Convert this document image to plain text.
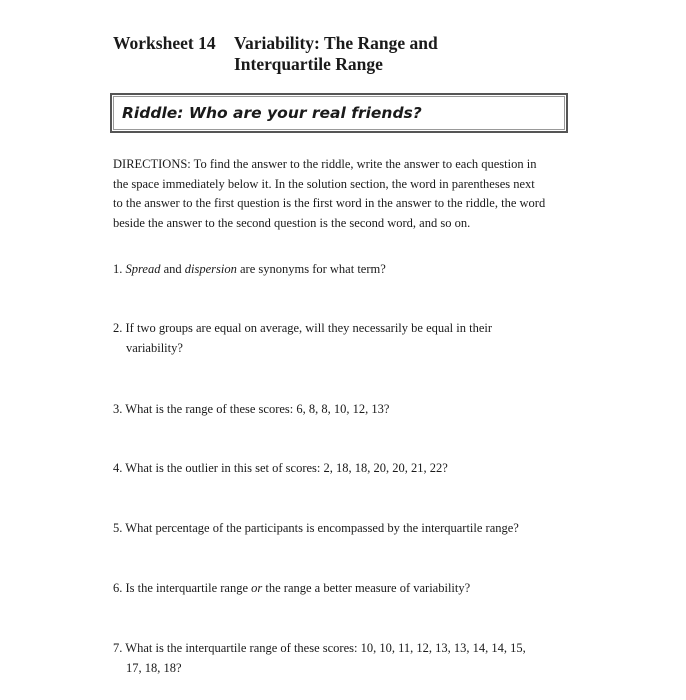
Worksheet 14	Variability: The Range and
Interquartile Range
Riddle: Who are your real friends?
DIRECTIONS: To find the answer to the riddle, write the answer to each question in
the space immediately below it. In the solution section, the word in parentheses next
to the answer to the first question is the first word in the answer to the riddle, the word
beside the answer to the second question is the second word, and so on.
1. Spread and dispersion are synonyms for what term?
2. If two groups are equal on average, will they necessarily be equal in their
variability?
3. What is the range of these scores: 6, 8, 8, 10, 12, 13?
4. What is the outlier in this set of scores: 2, 18, 18, 20, 20, 21, 22?
5. What percentage of the participants is encompassed by the interquartile range?
6. Is the interquartile range or the range a better measure of variability?
7. What is the interquartile range of these scores: 10, 10, 11, 12, 13, 13, 14, 14, 15,
17, 18, 18?
